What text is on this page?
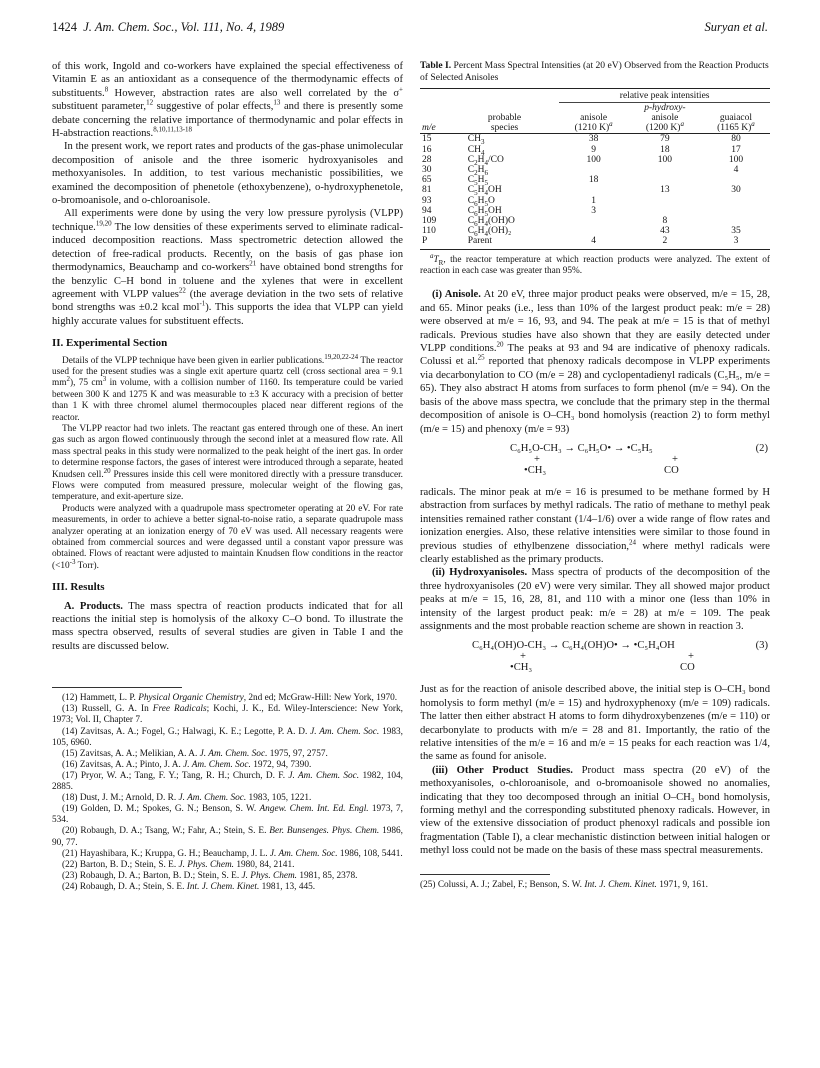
1424 J. Am. Chem. Soc., Vol. 111, No. 4, 1989	Suryan et al.

of this work, Ingold and co-workers have explained the special effectiveness of Vitamin E as an antioxidant as a consequence of the thermodynamic effects of substituents.$^8$ However, abstraction rates are also well correlated by the σ+ substituent parameter,$^{12}$ suggestive of polar effects,$^{13}$ and there is presently some debate concerning the relative importance of thermodynamic and polar effects in H-abstraction reactions.$^{8,10,11,13-18}$

In the present work, we report rates and products of the gas-phase unimolecular decomposition of anisole and the three isomeric hydroxyanisoles and methoxyanisoles. In addition, to test various mechanistic possibilities, we examined the decomposition of phenetole (ethoxybenzene), o-hydroxyphenetole, o-bromoanisole, and o-chloroanisole.

All experiments were done by using the very low pressure pyrolysis (VLPP) technique.$^{19,20}$ The low densities of these experiments served to eliminate radical-induced decomposition reactions. Mass spectrometric detection allowed the detection of free-radical products. Recently, on the basis of gas phase ion thermodynamics, Beauchamp and co-workers$^{21}$ have obtained bond strengths for the benzylic C–H bond in toluene and the xylenes that were in excellent agreement with VLPP values$^{22}$ (the average deviation in the two sets of relative bond strengths was ±0.2 kcal mol$^{-1}$). This supports the idea that VLPP can yield highly accurate values for substituent effects.

II. Experimental Section

Details of the VLPP technique have been given in earlier publications.$^{19,20,22-24}$ The reactor used for the present studies was a single exit aperture quartz cell (cross sectional area = 9.1 $mm^2$), 75 $cm^3$ in volume, with a collision number of 1160. Its temperature could be varied between 300 K and 1275 K and was measurable to ±3 K accuracy with a precision of better than 1 K with three chromel alumel thermocouples placed near different regions of the reactor.

The VLPP reactor had two inlets. The reactant gas entered through one of these. An inert gas such as argon flowed continuously through the second inlet at a measured flow rate. All mass spectral peaks in this study were normalized to the peak height of the inert gas. In order to determine response factors, the gases of interest were introduced through a separate, heated Knudsen cell.$^{20}$ Pressures inside this cell were monitored directly with a pressure transducer. Flows were computed from measured pressure, molecular weight of the flowing gas, temperature, and exit-aperture size.

Products were analyzed with a quadrupole mass spectrometer operating at 20 eV. For rate measurements, in order to achieve a better signal-to-noise ratio, a separate quadrupole mass analyzer operating at an ionization energy of 70 eV was used. All necessary reagents were obtained from commercial sources and were degassed until a constant vapor pressure was obtained. Flows of reactant were adjusted to maintain Knudsen flow conditions in the reactor ($<10^{-3}$ Torr).

III. Results

A. Products. The mass spectra of reaction products indicated that for all reactions the initial step is homolysis of the alkoxy C–O bond. To illustrate the mass spectra observed, results of several studies are given in Table I and the results are discussed below.

(12) Hammett, L. P. Physical Organic Chemistry, 2nd ed; McGraw-Hill: New York, 1970.

(13) Russell, G. A. In Free Radicals; Kochi, J. K., Ed. Wiley-Interscience: New York, 1973; Vol. II, Chapter 7.

(14) Zavitsas, A. A.; Fogel, G.; Halwagi, K. E.; Legotte, P. A. D. J. Am. Chem. Soc. 1983, 105, 6960.

(15) Zavitsas, A. A.; Melikian, A. A. J. Am. Chem. Soc. 1975, 97, 2757.

(16) Zavitsas, A. A.; Pinto, J. A. J. Am. Chem. Soc. 1972, 94, 7390.

(17) Pryor, W. A.; Tang, F. Y.; Tang, R. H.; Church, D. F. J. Am. Chem. Soc. 1982, 104, 2885.

(18) Dust, J. M.; Arnold, D. R. J. Am. Chem. Soc. 1983, 105, 1221.

(19) Golden, D. M.; Spokes, G. N.; Benson, S. W. Angew. Chem. Int. Ed. Engl. 1973, 7, 534.

(20) Robaugh, D. A.; Tsang, W.; Fahr, A.; Stein, S. E. Ber. Bunsenges. Phys. Chem. 1986, 90, 77.

(21) Hayashibara, K.; Kruppa, G. H.; Beauchamp, J. L. J. Am. Chem. Soc. 1986, 108, 5441.

(22) Barton, B. D.; Stein, S. E. J. Phys. Chem. 1980, 84, 2141.

(23) Robaugh, D. A.; Barton, B. D.; Stein, S. E. J. Phys. Chem. 1981, 85, 2378.

(24) Robaugh, D. A.; Stein, S. E. Int. J. Chem. Kinet. 1981, 13, 445.

Table I. Percent Mass Spectral Intensities (at 20 eV) Observed from the Reaction Products of Selected Anisoles
		relative peak intensities		
			p-hydroxy-	
	probable	anisole	anisole	guaiacol
m/e	species	(1210 K)$^a$	(1200 K)$^a$	(1165 K)$^a$
15	$CH_3$	38	79	80
16	$CH_4$	9	18	17
28	$C_2H_4/CO$	100	100	100
30	$C_2H_6$			4
65	$C_5H_5$	18		
81	$C_5H_4OH$		13	30
93	$C_6H_5O$	1		
94	$C_6H_5OH$	3		
109	$C_6H_4(OH)O$		8	
110	$C_6H_4(OH)_2$		43	35
P	Parent	4	2	3
$^aT_R$, the reactor temperature at which reaction products were analyzed. The extent of reaction in each case was greater than 95%.

(i) Anisole. At 20 eV, three major product peaks were observed, m/e = 15, 28, and 65. Minor peaks (i.e., less than 10% of the largest product peak: m/e = 28) were observed at m/e = 16, 93, and 94. The peak at m/e = 15 is that of methyl radicals. Previous studies have also shown that they are easily detected under VLPP conditions.$^{20}$ The peaks at 93 and 94 are indicative of phenoxy radicals. Colussi et al.$^{25}$ reported that phenoxy radicals decompose in VLPP experiments via decarbonylation to CO (m/e = 28) and cyclopentadienyl radicals (C₅H₅, m/e = 65). They also abstract H atoms from surfaces to form phenol (m/e = 94). On the basis of the above mass spectra, we conclude that the primary step in the thermal decomposition of anisole is O–CH₃ bond homolysis (reaction 2) to form methyl (m/e = 15) and phenoxy (m/e = 93)

C₆H₅O-CH₃ → C₆H₅O• → •C₅H₅	(2)
+	+
•CH₃	CO

radicals. The minor peak at m/e = 16 is presumed to be methane formed by H abstraction from surfaces by methyl radicals. The ratio of methane to methyl peak intensities remained rather constant (1/4–1/6) over a wide range of flow rates and ionization energies. Also, these relative intensities were similar to those found in previous studies of ethylbenzene dissociation,$^{24}$ where methyl radicals were clearly established as the primary products.

(ii) Hydroxyanisoles. Mass spectra of products of the decomposition of the three hydroxyanisoles (20 eV) were very similar. They all showed major product peaks at m/e = 15, 16, 28, 81, and 110 with a minor one (less than 10% in intensity of the largest product peak: m/e = 28) at m/e = 109. The peak assignments and the most probable reaction scheme are shown in reaction 3.

C₆H₄(OH)O-CH₃ → C₆H₄(OH)O• → •C₅H₄OH	(3)
+	+
•CH₃	CO

Just as for the reaction of anisole described above, the initial step is O–CH₃ bond homolysis to form methyl (m/e = 15) and hydroxyphenoxy (m/e = 109) radicals. The latter then either abstract H atoms to form dihydroxybenzenes (m/e = 110) or decarbonylate to products with m/e = 28 and 81. Importantly, the ratio of the relative intensities of the m/e = 16 and m/e = 15 peaks for each reaction was 1/4, the same as found for anisole.

(iii) Other Product Studies. Product mass spectra (20 eV) of the methoxyanisoles, o-chloroanisole, and o-bromoanisole showed no anomalies, indicating that they too decomposed through an initial O–CH₃ bond homolysis, forming methyl and the corresponding substituted phenoxy radicals. However, in view of the extensive dissociation of product phenoxyl radicals and possible ion fragmentation (Table I), a clear mechanistic distinction between initial halogen or methyl loss could not be made on the basis of these mass spectral measurements.

(25) Colussi, A. J.; Zabel, F.; Benson, S. W. Int. J. Chem. Kinet. 1971, 9, 161.
